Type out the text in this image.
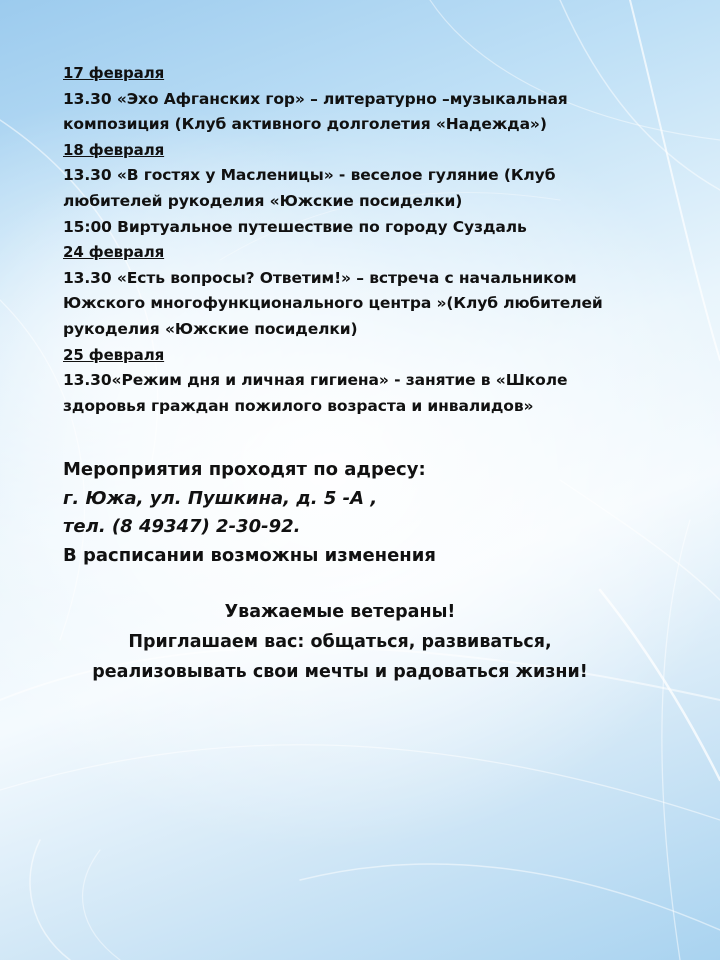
17 февраля
13.30 «Эхо Афганских гор» – литературно –музыкальная
композиция (Клуб активного долголетия «Надежда»)
18 февраля
13.30 «В гостях у Масленицы» - веселое гуляние (Клуб
любителей рукоделия «Южские посиделки)
15:00 Виртуальное путешествие по городу Суздаль
24 февраля
13.30 «Есть вопросы? Ответим!» – встреча с начальником
Южского многофункционального центра »(Клуб любителей
рукоделия «Южские посиделки)
25 февраля
13.30«Режим дня и личная гигиена» - занятие в «Школе
здоровья граждан пожилого возраста и инвалидов»
Мероприятия проходят по адресу:
г. Южа, ул. Пушкина, д. 5 -А ,
тел. (8 49347) 2-30-92.
В расписании возможны изменения
Уважаемые ветераны!
Приглашаем вас: общаться, развиваться,
реализовывать свои мечты и радоваться жизни!
